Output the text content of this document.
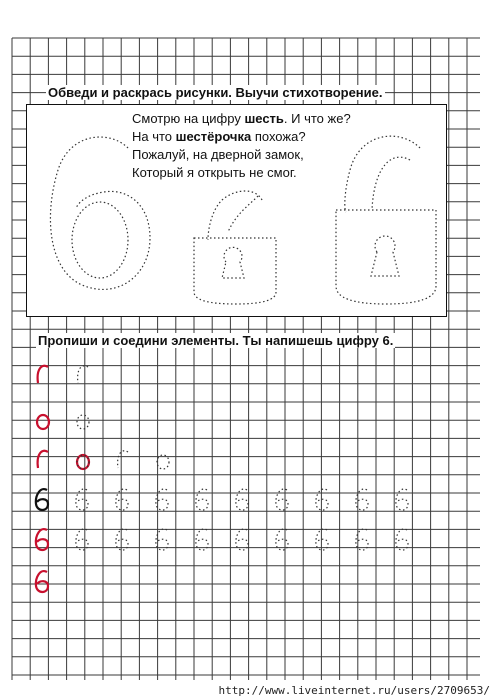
Обведи и раскрась рисунки. Выучи стихотворение.
Смотрю на цифру шесть. И что же?
На что шестёрочка похожа?
Пожалуй, на дверной замок,
Который я открыть не смог.
Пропиши и соедини элементы. Ты напишешь цифру 6.
http://www.liveinternet.ru/users/2709653/
